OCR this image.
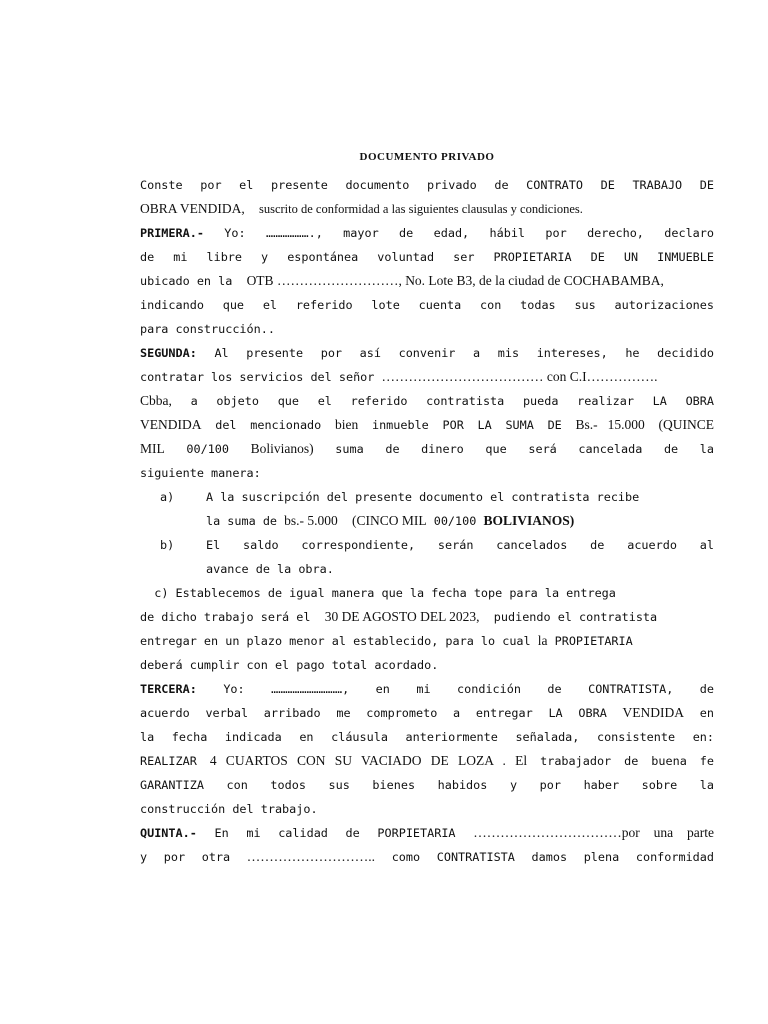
DOCUMENTO PRIVADO
Conste por el presente documento privado de CONTRATO DE TRABAJO DE
OBRA VENDIDA, suscrito de conformidad a las siguientes clausulas y condiciones.
PRIMERA.- Yo: ………………., mayor de edad, hábil por derecho, declaro
de mi libre y espontánea voluntad ser PROPIETARIA DE UN INMUEBLE
ubicado en la OTB ………………………, No. Lote B3, de la ciudad de COCHABAMBA,
indicando que el referido lote cuenta con todas sus autorizaciones
para construcción..
SEGUNDA: Al presente por así convenir a mis intereses, he decidido
contratar los servicios del señor ……………………………… con C.I…………….
Cbba, a objeto que el referido contratista pueda realizar LA OBRA
VENDIDA del mencionado bien inmueble POR LA SUMA DE Bs.- 15.000 (QUINCE
MIL 00/100 Bolivianos) suma de dinero que será cancelada de la
siguiente manera:
a)	A la suscripción del presente documento el contratista recibe
la suma de bs.- 5.000 (CINCO MIL 00/100 BOLIVIANOS)
b)	El saldo correspondiente, serán cancelados de acuerdo al
avance de la obra.
c) Establecemos de igual manera que la fecha tope para la entrega
de dicho trabajo será el 30 DE AGOSTO DEL 2023, pudiendo el contratista
entregar en un plazo menor al establecido, para lo cual la PROPIETARIA
deberá cumplir con el pago total acordado.
TERCERA: Yo: …………………………, en mi condición de CONTRATISTA, de
acuerdo verbal arribado me comprometo a entregar LA OBRA VENDIDA en
la fecha indicada en cláusula anteriormente señalada, consistente en:
REALIZAR 4 CUARTOS CON SU VACIADO DE LOZA . El trabajador de buena fe
GARANTIZA con todos sus bienes habidos y por haber sobre la
construcción del trabajo.
QUINTA.- En mi calidad de PORPIETARIA ……………………………por una parte
y por otra ……………………….. como CONTRATISTA damos plena conformidad
